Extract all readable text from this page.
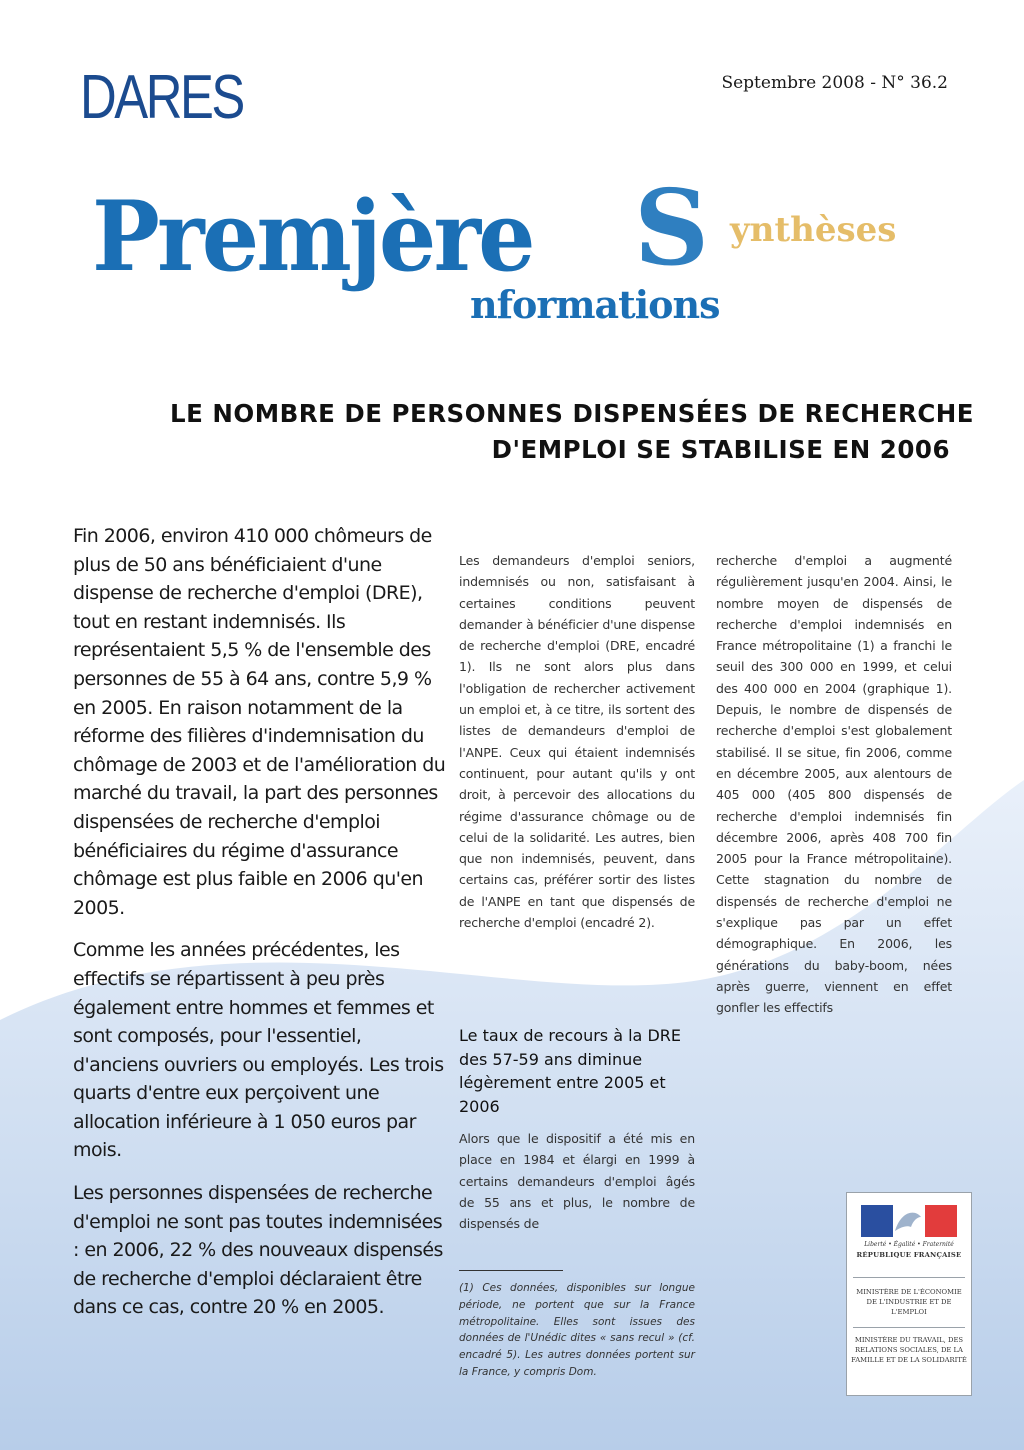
DARES	Septembre 2008 - N° 36.2
Premjère S ynthèses
nformations
LE NOMBRE DE PERSONNES DISPENSÉES DE RECHERCHE
D'EMPLOI SE STABILISE EN 2006

Fin 2006, environ 410 000 chômeurs de plus de 50 ans bénéficiaient d'une dispense de recherche d'emploi (DRE), tout en restant indemnisés. Ils représentaient 5,5 % de l'ensemble des personnes de 55 à 64 ans, contre 5,9 % en 2005. En raison notamment de la réforme des filières d'indemnisation du chômage de 2003 et de l'amélioration du marché du travail, la part des personnes dispensées de recherche d'emploi bénéficiaires du régime d'assurance chômage est plus faible en 2006 qu'en 2005.

Comme les années précédentes, les effectifs se répartissent à peu près également entre hommes et femmes et sont composés, pour l'essentiel, d'anciens ouvriers ou employés. Les trois quarts d'entre eux perçoivent une allocation inférieure à 1 050 euros par mois.

Les personnes dispensées de recherche d'emploi ne sont pas toutes indemnisées : en 2006, 22 % des nouveaux dispensés de recherche d'emploi déclaraient être dans ce cas, contre 20 % en 2005.

Les demandeurs d'emploi seniors, indemnisés ou non, satisfaisant à certaines conditions peuvent demander à bénéficier d'une dispense de recherche d'emploi (DRE, encadré 1). Ils ne sont alors plus dans l'obligation de rechercher activement un emploi et, à ce titre, ils sortent des listes de demandeurs d'emploi de l'ANPE. Ceux qui étaient indemnisés continuent, pour autant qu'ils y ont droit, à percevoir des allocations du régime d'assurance chômage ou de celui de la solidarité. Les autres, bien que non indemnisés, peuvent, dans certains cas, préférer sortir des listes de l'ANPE en tant que dispensés de recherche d'emploi (encadré 2).

Le taux de recours à la DRE des 57-59 ans diminue légèrement entre 2005 et 2006

Alors que le dispositif a été mis en place en 1984 et élargi en 1999 à certains demandeurs d'emploi âgés de 55 ans et plus, le nombre de dispensés de

(1) Ces données, disponibles sur longue période, ne portent que sur la France métropolitaine. Elles sont issues des données de l'Unédic dites « sans recul » (cf. encadré 5). Les autres données portent sur la France, y compris Dom.

recherche d'emploi a augmenté régulièrement jusqu'en 2004. Ainsi, le nombre moyen de dispensés de recherche d'emploi indemnisés en France métropolitaine (1) a franchi le seuil des 300 000 en 1999, et celui des 400 000 en 2004 (graphique 1). Depuis, le nombre de dispensés de recherche d'emploi s'est globalement stabilisé. Il se situe, fin 2006, comme en décembre 2005, aux alentours de 405 000 (405 800 dispensés de recherche d'emploi indemnisés fin décembre 2006, après 408 700 fin 2005 pour la France métropolitaine). Cette stagnation du nombre de dispensés de recherche d'emploi ne s'explique pas par un effet démographique. En 2006, les générations du baby-boom, nées après guerre, viennent en effet gonfler les effectifs

Liberté • Égalité • Fraternité
RÉPUBLIQUE FRANÇAISE
MINISTÈRE DE L'ÉCONOMIE DE L'INDUSTRIE ET DE L'EMPLOI
MINISTÈRE DU TRAVAIL, DES RELATIONS SOCIALES, DE LA FAMILLE ET DE LA SOLIDARITÉ
